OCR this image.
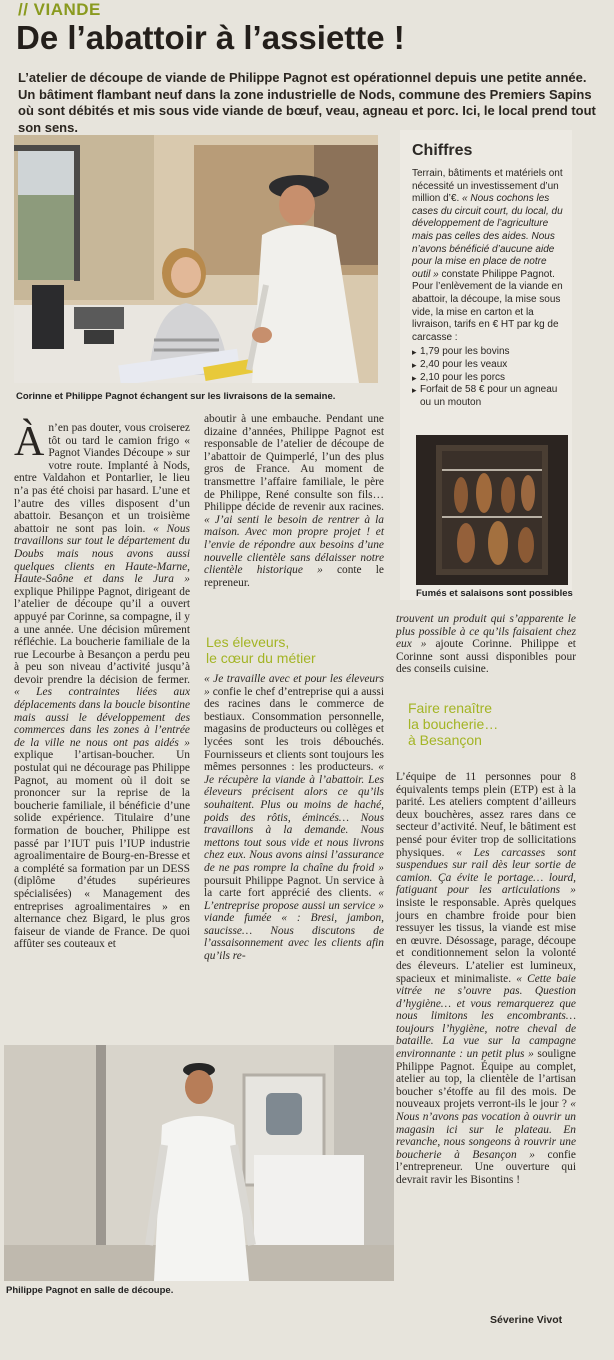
// VIANDE
De l’abattoir à l’assiette !
L’atelier de découpe de viande de Philippe Pagnot est opérationnel depuis une petite année. Un bâtiment flambant neuf dans la zone industrielle de Nods, commune des Premiers Sapins où sont débités et mis sous vide viande de bœuf, veau, agneau et porc. Ici, le local prend tout son sens.
Corinne et Philippe Pagnot échangent sur les livraisons de la semaine.
Chiffres
Terrain, bâtiments et matériels ont nécessité un investissement d’un million d’€. « Nous cochons les cases du circuit court, du local, du développement de l’agriculture mais pas celles des aides. Nous n’avons bénéficié d’aucune aide pour la mise en place de notre outil » constate Philippe Pagnot.
Pour l’enlèvement de la viande en abattoir, la découpe, la mise sous vide, la mise en carton et la livraison, tarifs en € HT par kg de carcasse :
▸ 1,79 pour les bovins
▸ 2,40 pour les veaux
▸ 2,10 pour les porcs
▸ Forfait de 58 € pour un agneau ou un mouton
Fumés et salaisons sont possibles
Àn’en pas douter, vous croiserez tôt ou tard le camion frigo « Pagnot Viandes Découpe » sur votre route. Implanté à Nods, entre Valdahon et Pontarlier, le lieu n’a pas été choisi par hasard. L’une et l’autre des villes disposent d’un abattoir. Besançon et un troisième abattoir ne sont pas loin. « Nous travaillons sur tout le département du Doubs mais nous avons aussi quelques clients en Haute-Marne, Haute-Saône et dans le Jura » explique Philippe Pagnot, dirigeant de l’atelier de découpe qu’il a ouvert appuyé par Corinne, sa compagne, il y a une année. Une décision mûrement réfléchie. La boucherie familiale de la rue Lecourbe à Besançon a perdu peu à peu son niveau d’activité jusqu’à devoir prendre la décision de fermer. « Les contraintes liées aux déplacements dans la boucle bisontine mais aussi le développement des commerces dans les zones à l’entrée de la ville ne nous ont pas aidés » explique l’artisan-boucher. Un postulat qui ne décourage pas Philippe Pagnot, au moment où il doit se prononcer sur la reprise de la boucherie familiale, il bénéficie d’une solide expérience. Titulaire d’une formation de boucher, Philippe est passé par l’IUT puis l’IUP industrie agroalimentaire de Bourg-en-Bresse et a complété sa formation par un DESS (diplôme d’études supérieures spécialisées) « Management des entreprises agroalimentaires » en alternance chez Bigard, le plus gros faiseur de viande de France. De quoi affûter ses couteaux et
aboutir à une embauche. Pendant une dizaine d’années, Philippe Pagnot est responsable de l’atelier de découpe de l’abattoir de Quimperlé, l’un des plus gros de France. Au moment de transmettre l’affaire familiale, le père de Philippe, René consulte son fils… Philippe décide de revenir aux racines. « J’ai senti le besoin de rentrer à la maison. Avec mon propre projet ! et l’envie de répondre aux besoins d’une nouvelle clientèle sans délaisser notre clientèle historique » conte le repreneur.
Les éleveurs,
le cœur du métier
« Je travaille avec et pour les éleveurs » confie le chef d’entreprise qui a aussi des racines dans le commerce de bestiaux. Consommation personnelle, magasins de producteurs ou collèges et lycées sont les trois débouchés. Fournisseurs et clients sont toujours les mêmes personnes : les producteurs. « Je récupère la viande à l’abattoir. Les éleveurs précisent alors ce qu’ils souhaitent. Plus ou moins de haché, poids des rôtis, émincés… Nous travaillons à la demande. Nous mettons tout sous vide et nous livrons chez eux. Nous avons ainsi l’assurance de ne pas rompre la chaîne du froid » poursuit Philippe Pagnot. Un service à la carte fort apprécié des clients. « L’entreprise propose aussi un service » viande fumée « : Bresi, jambon, saucisse… Nous discutons de l’assaisonnement avec les clients afin qu’ils re-
trouvent un produit qui s’apparente le plus possible à ce qu’ils faisaient chez eux » ajoute Corinne. Philippe et Corinne sont aussi disponibles pour des conseils cuisine.
Faire renaître
la boucherie…
à Besançon
L’équipe de 11 personnes pour 8 équivalents temps plein (ETP) est à la parité. Les ateliers comptent d’ailleurs deux bouchères, assez rares dans ce secteur d’activité. Neuf, le bâtiment est pensé pour éviter trop de sollicitations physiques. « Les carcasses sont suspendues sur rail dès leur sortie de camion. Ça évite le portage… lourd, fatiguant pour les articulations » insiste le responsable. Après quelques jours en chambre froide pour bien ressuyer les tissus, la viande est mise en œuvre. Désossage, parage, découpe et conditionnement selon la volonté des éleveurs. L’atelier est lumineux, spacieux et minimaliste. « Cette baie vitrée ne s’ouvre pas. Question d’hygiène… et vous remarquerez que nous limitons les encombrants… toujours l’hygiène, notre cheval de bataille. La vue sur la campagne environnante : un petit plus » souligne Philippe Pagnot. Équipe au complet, atelier au top, la clientèle de l’artisan boucher s’étoffe au fil des mois. De nouveaux projets verront-ils le jour ? « Nous n’avons pas vocation à ouvrir un magasin ici sur le plateau. En revanche, nous songeons à rouvrir une boucherie à Besançon » confie l’entrepreneur. Une ouverture qui devrait ravir les Bisontins !
Philippe Pagnot en salle de découpe.
Séverine Vivot
